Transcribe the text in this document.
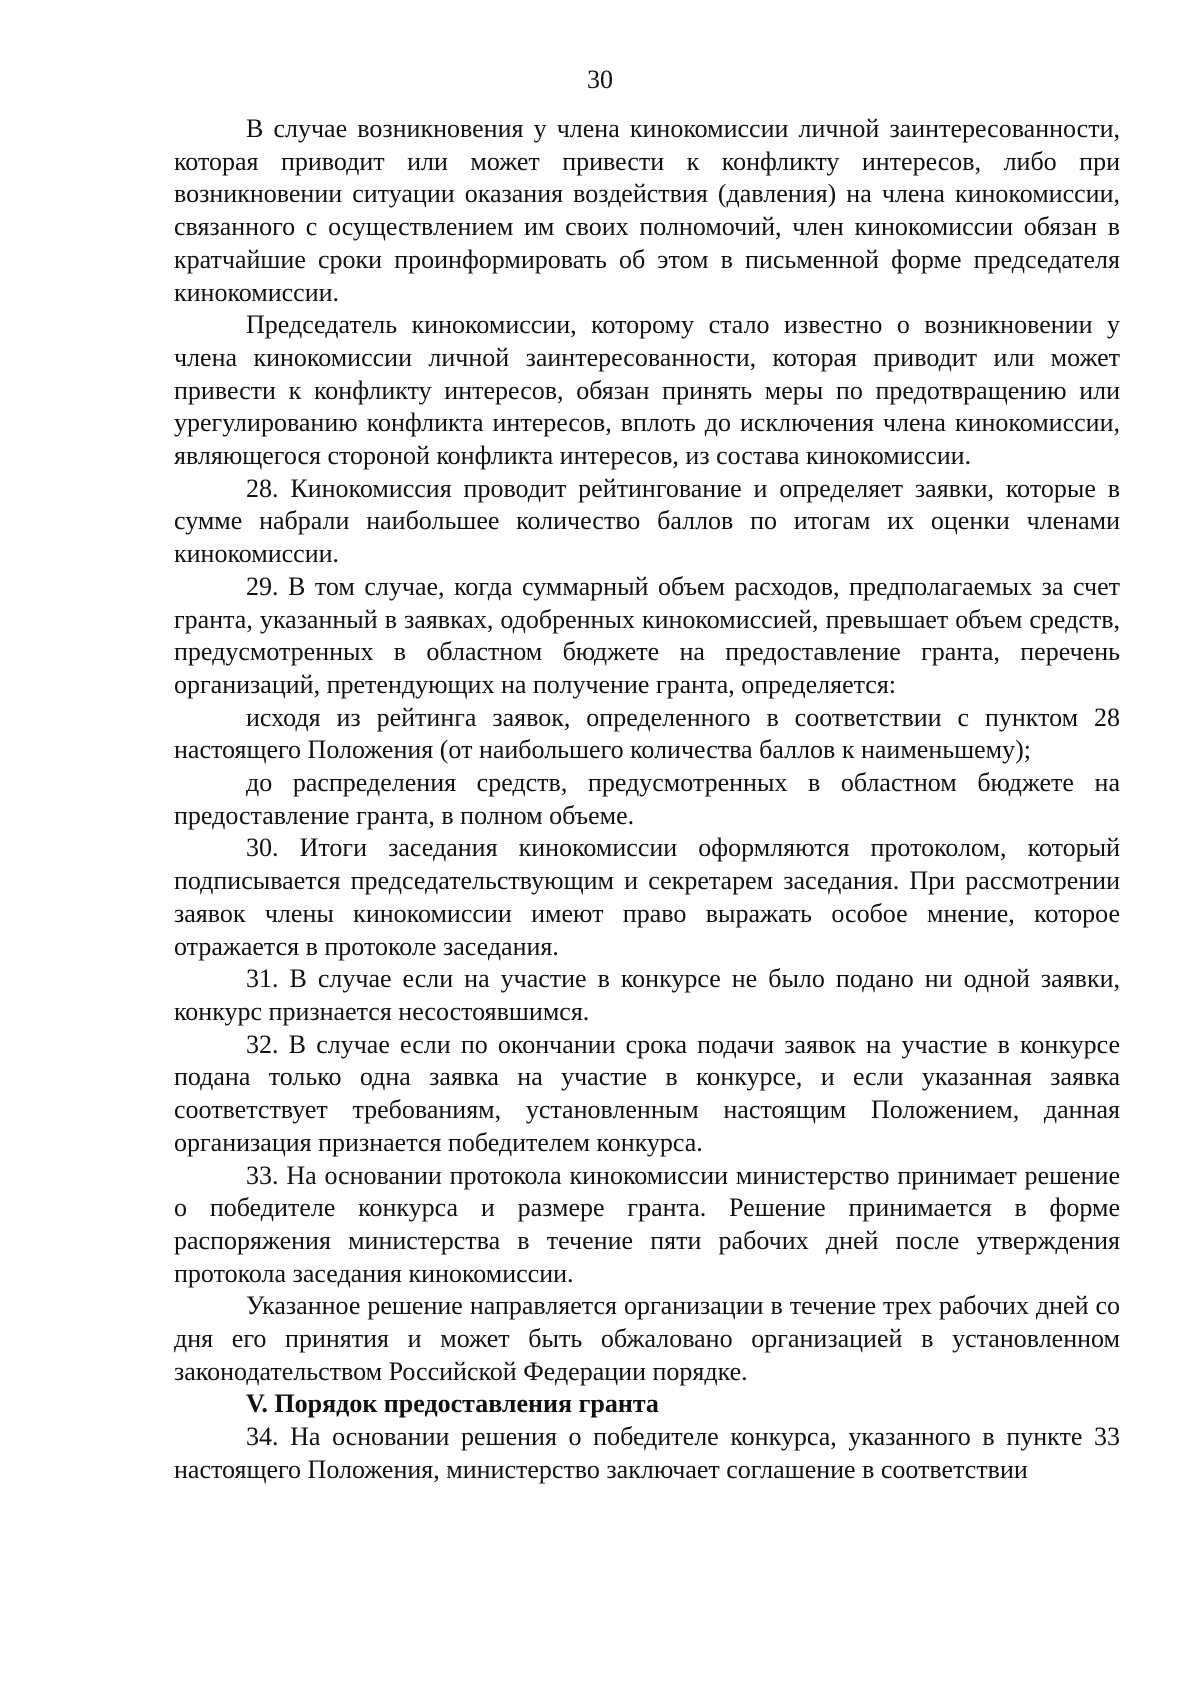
30

В случае возникновения у члена кинокомиссии личной заинтересованности, которая приводит или может привести к конфликту интересов, либо при возникновении ситуации оказания воздействия (давления) на члена кинокомиссии, связанного с осуществлением им своих полномочий, член кинокомиссии обязан в кратчайшие сроки проинформировать об этом в письменной форме председателя кинокомиссии.

Председатель кинокомиссии, которому стало известно о возникновении у члена кинокомиссии личной заинтересованности, которая приводит или может привести к конфликту интересов, обязан принять меры по предотвращению или урегулированию конфликта интересов, вплоть до исключения члена кинокомиссии, являющегося стороной конфликта интересов, из состава кинокомиссии.

28. Кинокомиссия проводит рейтингование и определяет заявки, которые в сумме набрали наибольшее количество баллов по итогам их оценки членами кинокомиссии.

29. В том случае, когда суммарный объем расходов, предполагаемых за счет гранта, указанный в заявках, одобренных кинокомиссией, превышает объем средств, предусмотренных в областном бюджете на предоставление гранта, перечень организаций, претендующих на получение гранта, определяется:

исходя из рейтинга заявок, определенного в соответствии с пунктом 28 настоящего Положения (от наибольшего количества баллов к наименьшему);

до распределения средств, предусмотренных в областном бюджете на предоставление гранта, в полном объеме.

30. Итоги заседания кинокомиссии оформляются протоколом, который подписывается председательствующим и секретарем заседания. При рассмотрении заявок члены кинокомиссии имеют право выражать особое мнение, которое отражается в протоколе заседания.

31. В случае если на участие в конкурсе не было подано ни одной заявки, конкурс признается несостоявшимся.

32. В случае если по окончании срока подачи заявок на участие в конкурсе подана только одна заявка на участие в конкурсе, и если указанная заявка соответствует требованиям, установленным настоящим Положением, данная организация признается победителем конкурса.

33. На основании протокола кинокомиссии министерство принимает решение о победителе конкурса и размере гранта. Решение принимается в форме распоряжения министерства в течение пяти рабочих дней после утверждения протокола заседания кинокомиссии.

Указанное решение направляется организации в течение трех рабочих дней со дня его принятия и может быть обжаловано организацией в установленном законодательством Российской Федерации порядке.

V. Порядок предоставления гранта

34. На основании решения о победителе конкурса, указанного в пункте 33 настоящего Положения, министерство заключает соглашение в соответствии
